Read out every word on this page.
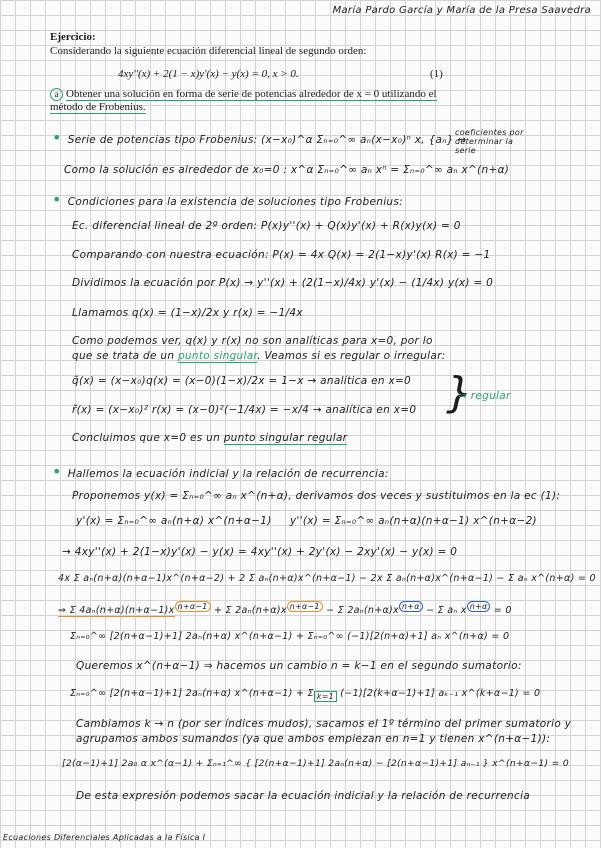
María Pardo García y María de la Presa Saavedra
Ejercicio:
Considerando la siguiente ecuación diferencial lineal de segundo orden:
4xy''(x) + 2(1 − x)y'(x) − y(x) = 0, x > 0.	(1)
a Obtener una solución en forma de serie de potencias alrededor de x = 0 utilizando el método de Frobenius.
• Serie de potencias tipo Frobenius: (x−x₀)^α Σₙ₌₀^∞ aₙ(x−x₀)ⁿ x, {aₙ} →
coeficientes por determinar la serie
Como la solución es alrededor de x₀=0 : x^α Σₙ₌₀^∞ aₙ xⁿ = Σₙ₌₀^∞ aₙ x^(n+α)
• Condiciones para la existencia de soluciones tipo Frobenius:
Ec. diferencial lineal de 2º orden: P(x)y''(x) + Q(x)y'(x) + R(x)y(x) = 0
Comparando con nuestra ecuación: P(x) = 4x Q(x) = 2(1−x)y'(x) R(x) = −1
Dividimos la ecuación por P(x) → y''(x) + (2(1−x)/4x) y'(x) − (1/4x) y(x) = 0
Llamamos q(x) = (1−x)/2x y r(x) = −1/4x
Como podemos ver, q(x) y r(x) no son analíticas para x=0, por lo
que se trata de un punto singular. Veamos si es regular o irregular:
q̃(x) = (x−x₀)q(x) = (x−0)(1−x)/2x = 1−x → analítica en x=0
r̃(x) = (x−x₀)² r(x) = (x−0)²(−1/4x) = −x/4 → analítica en x=0 }
⇒ regular
Concluimos que x=0 es un punto singular regular
• Hallemos la ecuación indicial y la relación de recurrencia:
Proponemos y(x) = Σₙ₌₀^∞ aₙ x^(n+α), derivamos dos veces y sustituimos en la ec (1):
y'(x) = Σₙ₌₀^∞ aₙ(n+α) x^(n+α−1) y''(x) = Σₙ₌₀^∞ aₙ(n+α)(n+α−1) x^(n+α−2)
→ 4xy''(x) + 2(1−x)y'(x) − y(x) = 4xy''(x) + 2y'(x) − 2xy'(x) − y(x) = 0
4x Σ aₙ(n+α)(n+α−1)x^(n+α−2) + 2 Σ aₙ(n+α)x^(n+α−1) − 2x Σ aₙ(n+α)x^(n+α−1) − Σ aₙ x^(n+α) = 0
⇒ Σ 4aₙ(n+α)(n+α−1)x $^{n+\alpha-1}$ + Σ 2aₙ(n+α)x $^{n+\alpha-1}$ − Σ 2aₙ(n+α)x $^{n+\alpha}$ − Σ aₙ x $^{n+\alpha}$ = 0
Σₙ₌₀^∞ [2(n+α−1)+1] 2aₙ(n+α) x^(n+α−1) + Σₙ₌₀^∞ (−1)[2(n+α)+1] aₙ x^(n+α) = 0
Queremos x^(n+α−1) ⇒ hacemos un cambio n = k−1 en el segundo sumatorio:
Σₙ₌₀^∞ [2(n+α−1)+1] 2aₙ(n+α) x^(n+α−1) + Σ $_{k=1}$ (−1)[2(k+α−1)+1] aₖ₋₁ x^(k+α−1) = 0
Cambiamos k → n (por ser índices mudos), sacamos el 1º término del primer sumatorio y
agrupamos ambos sumandos (ya que ambos empiezan en n=1 y tienen x^(n+α−1)):
[2(α−1)+1] 2a₀ α x^(α−1) + Σₙ₌₁^∞ { [2(n+α−1)+1] 2aₙ(n+α) − [2(n+α−1)+1] aₙ₋₁ } x^(n+α−1) = 0
De esta expresión podemos sacar la ecuación indicial y la relación de recurrencia
Ecuaciones Diferenciales Aplicadas a la Física I
